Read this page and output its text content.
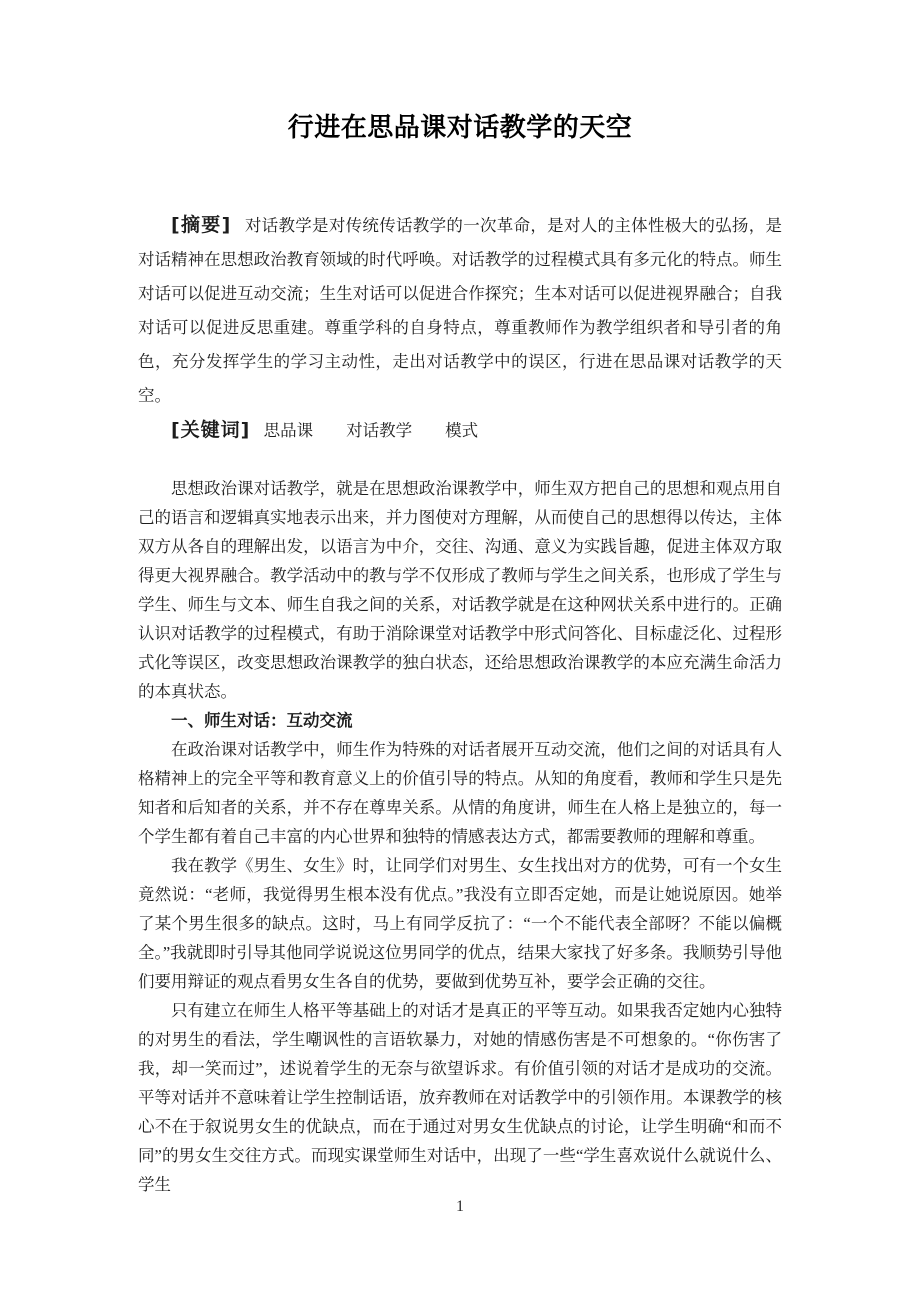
行进在思品课对话教学的天空

[摘要] 对话教学是对传统传话教学的一次革命，是对人的主体性极大的弘扬，是对话精神在思想政治教育领域的时代呼唤。对话教学的过程模式具有多元化的特点。师生对话可以促进互动交流；生生对话可以促进合作探究；生本对话可以促进视界融合；自我对话可以促进反思重建。尊重学科的自身特点，尊重教师作为教学组织者和导引者的角色，充分发挥学生的学习主动性，走出对话教学中的误区，行进在思品课对话教学的天空。

[关键词] 思品课 对话教学 模式

思想政治课对话教学，就是在思想政治课教学中，师生双方把自己的思想和观点用自己的语言和逻辑真实地表示出来，并力图使对方理解，从而使自己的思想得以传达，主体双方从各自的理解出发，以语言为中介，交往、沟通、意义为实践旨趣，促进主体双方取得更大视界融合。教学活动中的教与学不仅形成了教师与学生之间关系，也形成了学生与学生、师生与文本、师生自我之间的关系，对话教学就是在这种网状关系中进行的。正确认识对话教学的过程模式，有助于消除课堂对话教学中形式问答化、目标虚泛化、过程形式化等误区，改变思想政治课教学的独白状态，还给思想政治课教学的本应充满生命活力的本真状态。

一、师生对话：互动交流

在政治课对话教学中，师生作为特殊的对话者展开互动交流，他们之间的对话具有人格精神上的完全平等和教育意义上的价值引导的特点。从知的角度看，教师和学生只是先知者和后知者的关系，并不存在尊卑关系。从情的角度讲，师生在人格上是独立的，每一个学生都有着自己丰富的内心世界和独特的情感表达方式，都需要教师的理解和尊重。

我在教学《男生、女生》时，让同学们对男生、女生找出对方的优势，可有一个女生竟然说：“老师，我觉得男生根本没有优点。”我没有立即否定她，而是让她说原因。她举了某个男生很多的缺点。这时，马上有同学反抗了：“一个不能代表全部呀？不能以偏概全。”我就即时引导其他同学说说这位男同学的优点，结果大家找了好多条。我顺势引导他们要用辩证的观点看男女生各自的优势，要做到优势互补，要学会正确的交往。

只有建立在师生人格平等基础上的对话才是真正的平等互动。如果我否定她内心独特的对男生的看法，学生嘲讽性的言语软暴力，对她的情感伤害是不可想象的。“你伤害了我，却一笑而过”，述说着学生的无奈与欲望诉求。有价值引领的对话才是成功的交流。平等对话并不意味着让学生控制话语，放弃教师在对话教学中的引领作用。本课教学的核心不在于叙说男女生的优缺点，而在于通过对男女生优缺点的讨论，让学生明确“和而不同”的男女生交往方式。而现实课堂师生对话中，出现了一些“学生喜欢说什么就说什么、学生

1
